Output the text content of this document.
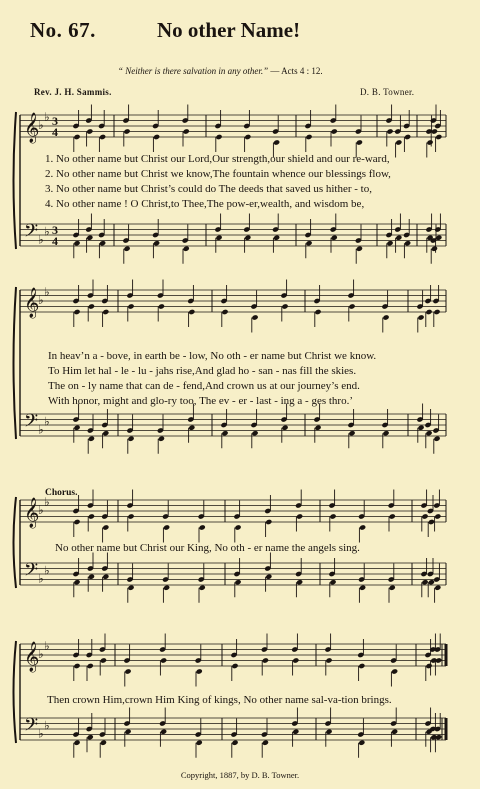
No. 67.	No other Name!
“ Neither is there salvation in any other.” — Acts 4 : 12.
Rev. J. H. Sammis.	D. B. Towner.
𝄞
𝄢
♭
♭
♭
♭
3
4
3
4
𝄞
𝄢
♭
♭
♭
♭
𝄞
𝄢
♭
♭
♭
♭
𝄞
𝄢
♭
♭
♭
♭
1. No other name but Christ our Lord,Our strength,our shield and our re-ward,
2. No other name but Christ we know,The fountain whence our blessings flow,
3. No other name but Christ’s could do The deeds that saved us hither - to,
4. No other name ! O Christ,to Thee,The pow-er,wealth, and wisdom be,
In heav’n a - bove, in earth be - low, No oth - er name but Christ we know.
To Him let hal - le - lu - jahs rise,And glad ho - san - nas fill the skies.
The on - ly name that can de - fend,And crown us at our journey’s end.
With honor, might and glo-ry too, The ev - er - last - ing a - ges thro.’
Chorus.
No other name but Christ our King, No oth - er name the angels sing.
Then crown Him,crown Him King of kings, No other name sal-va-tion brings.
Copyright, 1887, by D. B. Towner.
